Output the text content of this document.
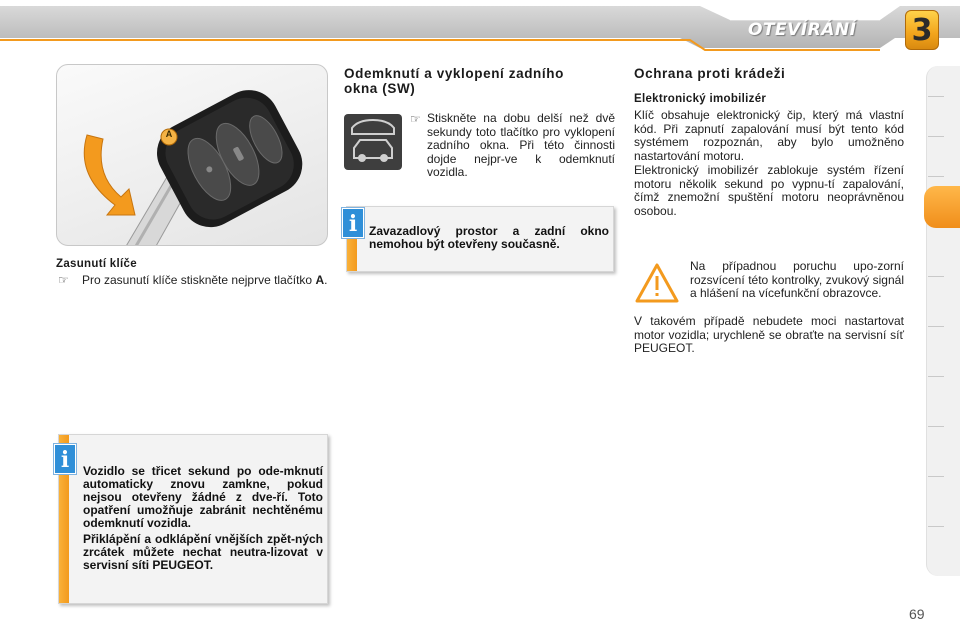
OTEVÍRÁNÍ 3
A
Zasunutí klíče
☞ Pro zasunutí klíče stiskněte nejprve tlačítko A.
Odemknutí a vyklopení zadního
okna (SW)
☞ Stiskněte na dobu delší než dvě sekundy toto tlačítko pro vyklopení zadního okna. Při této činnosti dojde nejpr-ve k odemknutí vozidla.
Zavazadlový prostor a zadní okno nemohou být otevřeny současně.
i
Vozidlo se třicet sekund po ode-mknutí automaticky znovu zamkne, pokud nejsou otevřeny žádné z dve-ří. Toto opatření umožňuje zabránit nechtěnému odemknutí vozidla.
Přiklápění a odklápění vnějších zpět-ných zrcátek můžete nechat neutra-lizovat v servisní síti PEUGEOT.
i
Ochrana proti krádeži
Elektronický imobilizér
Klíč obsahuje elektronický čip, který má vlastní kód. Při zapnutí zapalování musí být tento kód systémem rozpoznán, aby bylo umožněno nastartování motoru.
Elektronický imobilizér zablokuje systém řízení motoru několik sekund po vypnu-tí zapalování, čímž znemožní spuštění motoru neoprávněnou osobou.
Na případnou poruchu upo-zorní rozsvícení této kontrolky, zvukový signál a hlášení na vícefunkční obrazovce.
V takovém případě nebudete moci nastartovat motor vozidla; urychleně se obraťte na servisní síť PEUGEOT.
69
